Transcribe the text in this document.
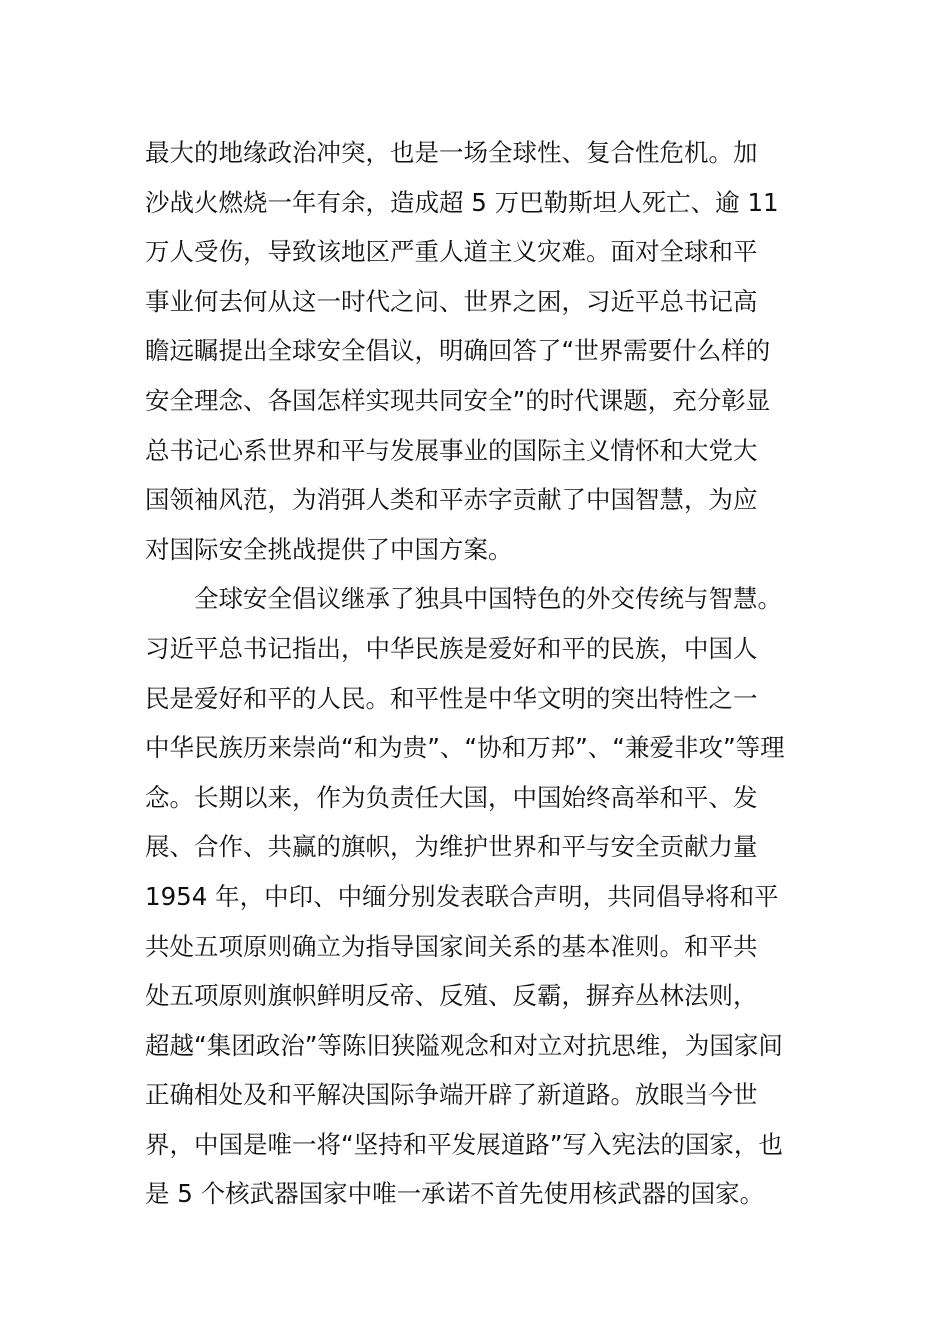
最大的地缘政治冲突，也是一场全球性、复合性危机。加
沙战火燃烧一年有余，造成超 5 万巴勒斯坦人死亡、逾 11
万人受伤，导致该地区严重人道主义灾难。面对全球和平
事业何去何从这一时代之问、世界之困，习近平总书记高
瞻远瞩提出全球安全倡议，明确回答了“世界需要什么样的
安全理念、各国怎样实现共同安全”的时代课题，充分彰显
总书记心系世界和平与发展事业的国际主义情怀和大党大
国领袖风范，为消弭人类和平赤字贡献了中国智慧，为应
对国际安全挑战提供了中国方案。
全球安全倡议继承了独具中国特色的外交传统与智慧。
习近平总书记指出，中华民族是爱好和平的民族，中国人
民是爱好和平的人民。和平性是中华文明的突出特性之一
中华民族历来崇尚“和为贵”、“协和万邦”、“兼爱非攻”等理
念。长期以来，作为负责任大国，中国始终高举和平、发
展、合作、共赢的旗帜，为维护世界和平与安全贡献力量
1954 年，中印、中缅分别发表联合声明，共同倡导将和平
共处五项原则确立为指导国家间关系的基本准则。和平共
处五项原则旗帜鲜明反帝、反殖、反霸，摒弃丛林法则，
超越“集团政治”等陈旧狭隘观念和对立对抗思维，为国家间
正确相处及和平解决国际争端开辟了新道路。放眼当今世
界，中国是唯一将“坚持和平发展道路”写入宪法的国家，也
是 5 个核武器国家中唯一承诺不首先使用核武器的国家。
